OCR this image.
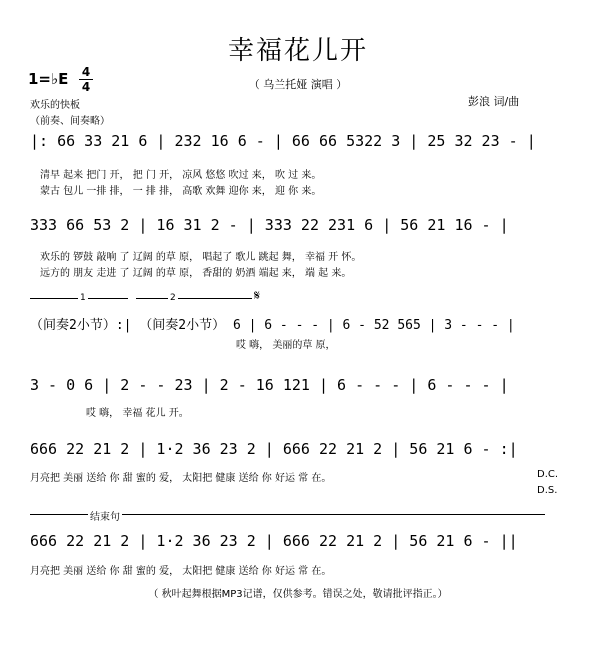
幸福花儿开
（ 乌兰托娅 演唱 ）
1=♭E 4
4
欢乐的快板
（前奏、间奏略）
彭浪 词/曲
|: 66 33 21 6 | 232 16 6 - | 66 66 5322 3 | 25 32 23 - |
清早 起来 把门 开， 把 门 开， 凉风 悠悠 吹过 来， 吹 过 来。
蒙古 包儿 一排 排， 一 排 排， 高歌 欢舞 迎你 来， 迎 你 来。
333 66 53 2 | 16 31 2 - | 333 22 231 6 | 56 21 16 - |
欢乐的 锣鼓 敲响 了 辽阔 的草 原， 唱起了 歌儿 跳起 舞， 幸福 开 怀。
远方的 朋友 走进 了 辽阔 的草 原， 香甜的 奶酒 端起 来， 端 起 来。
1	2	𝄋
（间奏2小节）:| （间奏2小节） 6 | 6 - - - | 6 - 52 565 | 3 - - - |
哎 嗨， 美丽的草 原，
3 - 0 6 | 2 - - 23 | 2 - 16 121 | 6 - - - | 6 - - - |
哎 嗨， 幸福 花儿 开。
666 22 21 2 | 1·2 36 23 2 | 666 22 21 2 | 56 21 6 - :|
月亮把 美丽 送给 你 甜 蜜的 爱， 太阳把 健康 送给 你 好运 常 在。	D.C.
D.S.
结束句
666 22 21 2 | 1·2 36 23 2 | 666 22 21 2 | 56 21 6 - ||
月亮把 美丽 送给 你 甜 蜜的 爱， 太阳把 健康 送给 你 好运 常 在。
（ 秋叶起舞根据MP3记谱，仅供参考。错误之处，敬请批评指正。）
